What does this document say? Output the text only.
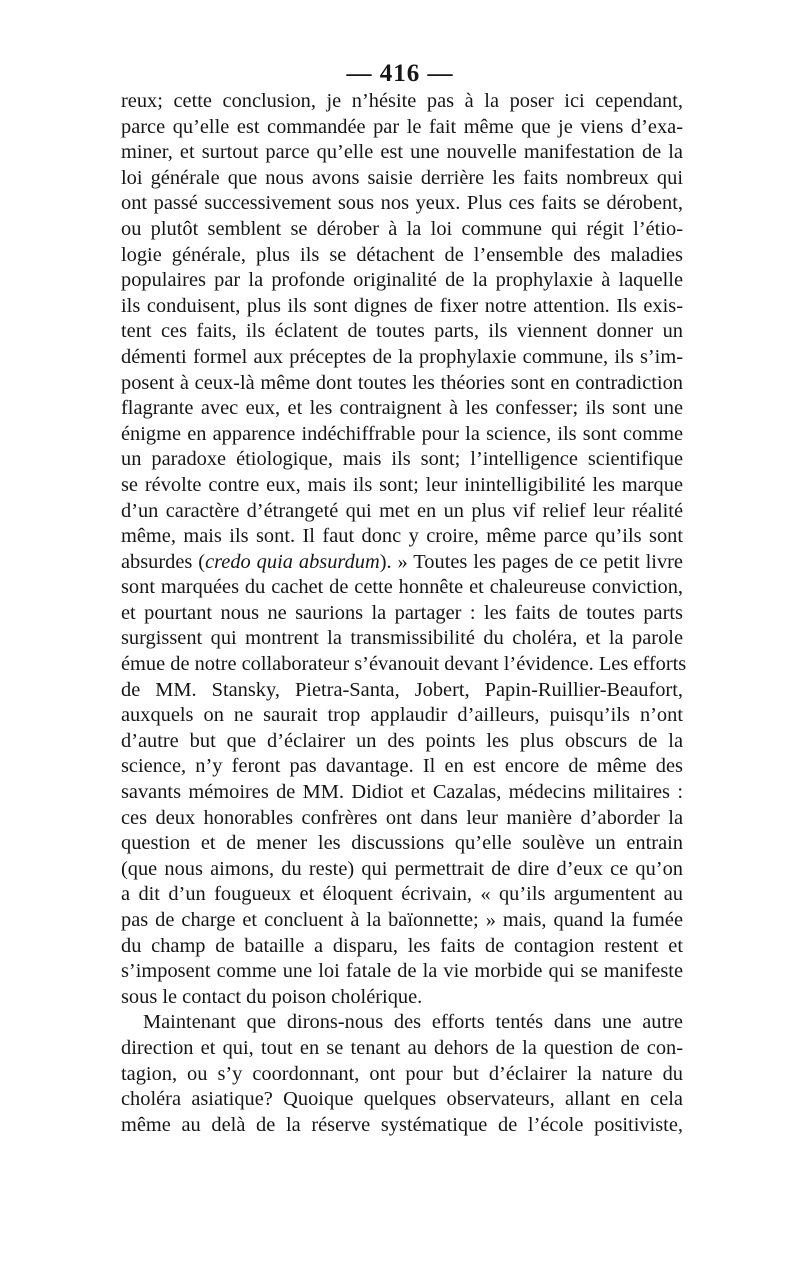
— 416 —
reux; cette conclusion, je n’hésite pas à la poser ici cependant,
parce qu’elle est commandée par le fait même que je viens d’exa-
miner, et surtout parce qu’elle est une nouvelle manifestation de la
loi générale que nous avons saisie derrière les faits nombreux qui
ont passé successivement sous nos yeux. Plus ces faits se dérobent,
ou plutôt semblent se dérober à la loi commune qui régit l’étio-
logie générale, plus ils se détachent de l’ensemble des maladies
populaires par la profonde originalité de la prophylaxie à laquelle
ils conduisent, plus ils sont dignes de fixer notre attention. Ils exis-
tent ces faits, ils éclatent de toutes parts, ils viennent donner un
démenti formel aux préceptes de la prophylaxie commune, ils s’im-
posent à ceux-là même dont toutes les théories sont en contradiction
flagrante avec eux, et les contraignent à les confesser; ils sont une
énigme en apparence indéchiffrable pour la science, ils sont comme
un paradoxe étiologique, mais ils sont; l’intelligence scientifique
se révolte contre eux, mais ils sont; leur inintelligibilité les marque
d’un caractère d’étrangeté qui met en un plus vif relief leur réalité
même, mais ils sont. Il faut donc y croire, même parce qu’ils sont
absurdes (credo quia absurdum). » Toutes les pages de ce petit livre
sont marquées du cachet de cette honnête et chaleureuse conviction,
et pourtant nous ne saurions la partager : les faits de toutes parts
surgissent qui montrent la transmissibilité du choléra, et la parole
émue de notre collaborateur s’évanouit devant l’évidence. Les efforts
de MM. Stansky, Pietra-Santa, Jobert, Papin-Ruillier-Beaufort,
auxquels on ne saurait trop applaudir d’ailleurs, puisqu’ils n’ont
d’autre but que d’éclairer un des points les plus obscurs de la
science, n’y feront pas davantage. Il en est encore de même des
savants mémoires de MM. Didiot et Cazalas, médecins militaires :
ces deux honorables confrères ont dans leur manière d’aborder la
question et de mener les discussions qu’elle soulève un entrain
(que nous aimons, du reste) qui permettrait de dire d’eux ce qu’on
a dit d’un fougueux et éloquent écrivain, « qu’ils argumentent au
pas de charge et concluent à la baïonnette; » mais, quand la fumée
du champ de bataille a disparu, les faits de contagion restent et
s’imposent comme une loi fatale de la vie morbide qui se manifeste
sous le contact du poison cholérique.
Maintenant que dirons-nous des efforts tentés dans une autre
direction et qui, tout en se tenant au dehors de la question de con-
tagion, ou s’y coordonnant, ont pour but d’éclairer la nature du
choléra asiatique? Quoique quelques observateurs, allant en cela
même au delà de la réserve systématique de l’école positiviste,
